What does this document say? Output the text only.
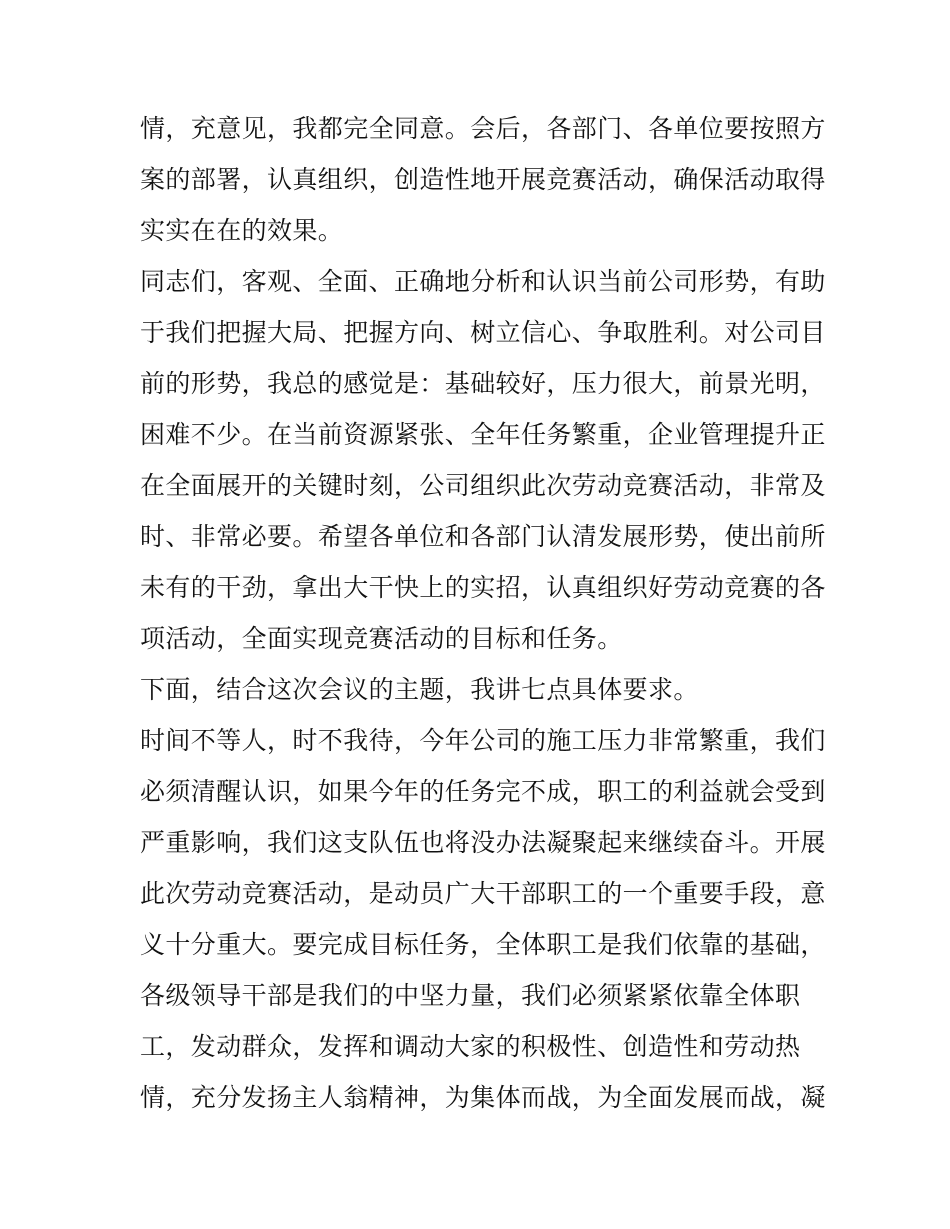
情，充意见，我都完全同意。会后，各部门、各单位要按照方
案的部署，认真组织，创造性地开展竞赛活动，确保活动取得
实实在在的效果。
同志们，客观、全面、正确地分析和认识当前公司形势，有助
于我们把握大局、把握方向、树立信心、争取胜利。对公司目
前的形势，我总的感觉是：基础较好，压力很大，前景光明，
困难不少。在当前资源紧张、全年任务繁重，企业管理提升正
在全面展开的关键时刻，公司组织此次劳动竞赛活动，非常及
时、非常必要。希望各单位和各部门认清发展形势，使出前所
未有的干劲，拿出大干快上的实招，认真组织好劳动竞赛的各
项活动，全面实现竞赛活动的目标和任务。
下面，结合这次会议的主题，我讲七点具体要求。
时间不等人，时不我待，今年公司的施工压力非常繁重，我们
必须清醒认识，如果今年的任务完不成，职工的利益就会受到
严重影响，我们这支队伍也将没办法凝聚起来继续奋斗。开展
此次劳动竞赛活动，是动员广大干部职工的一个重要手段，意
义十分重大。要完成目标任务，全体职工是我们依靠的基础，
各级领导干部是我们的中坚力量，我们必须紧紧依靠全体职
工，发动群众，发挥和调动大家的积极性、创造性和劳动热
情，充分发扬主人翁精神，为集体而战，为全面发展而战，凝
